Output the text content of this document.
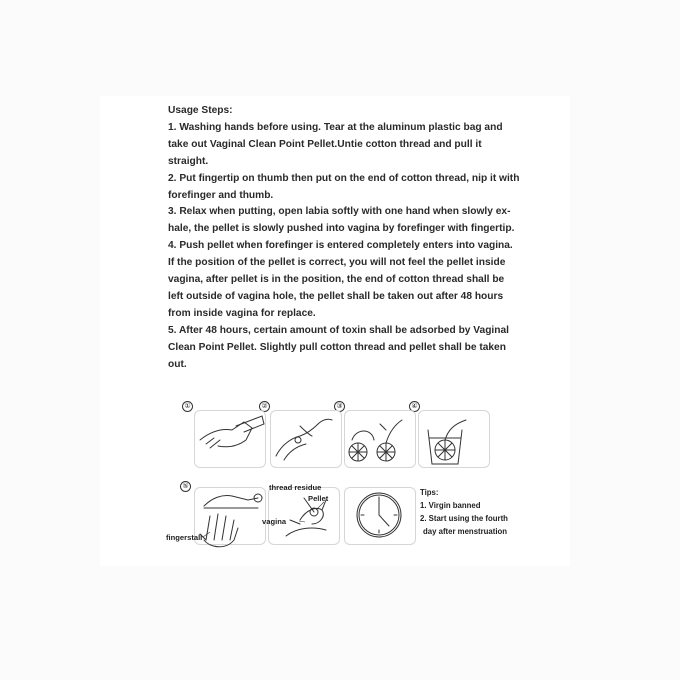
Usage Steps:

1. Washing hands before using. Tear at the aluminum plastic bag and take out Vaginal Clean Point Pellet.Untie cotton thread and pull it straight.

2. Put fingertip on thumb then put on the end of cotton thread, nip it with forefinger and thumb.

3. Relax when putting, open labia softly with one hand when slowly ex-hale, the pellet is slowly pushed into vagina by forefinger with fingertip.

4. Push pellet when forefinger is entered completely enters into vagina. If the position of the pellet is correct, you will not feel the pellet inside vagina, after pellet is in the position, the end of cotton thread shall be left outside of vagina hole, the pellet shall be taken out after 48 hours from inside vagina for replace.

5. After 48 hours, certain amount of toxin shall be adsorbed by Vaginal Clean Point Pellet. Slightly pull cotton thread and pellet shall be taken out.

①	②	③	④
⑤	thread residue
Pellet
vagina
fingerstall

Tips:

1. Virgin banned

2. Start using the fourth

day after menstruation
